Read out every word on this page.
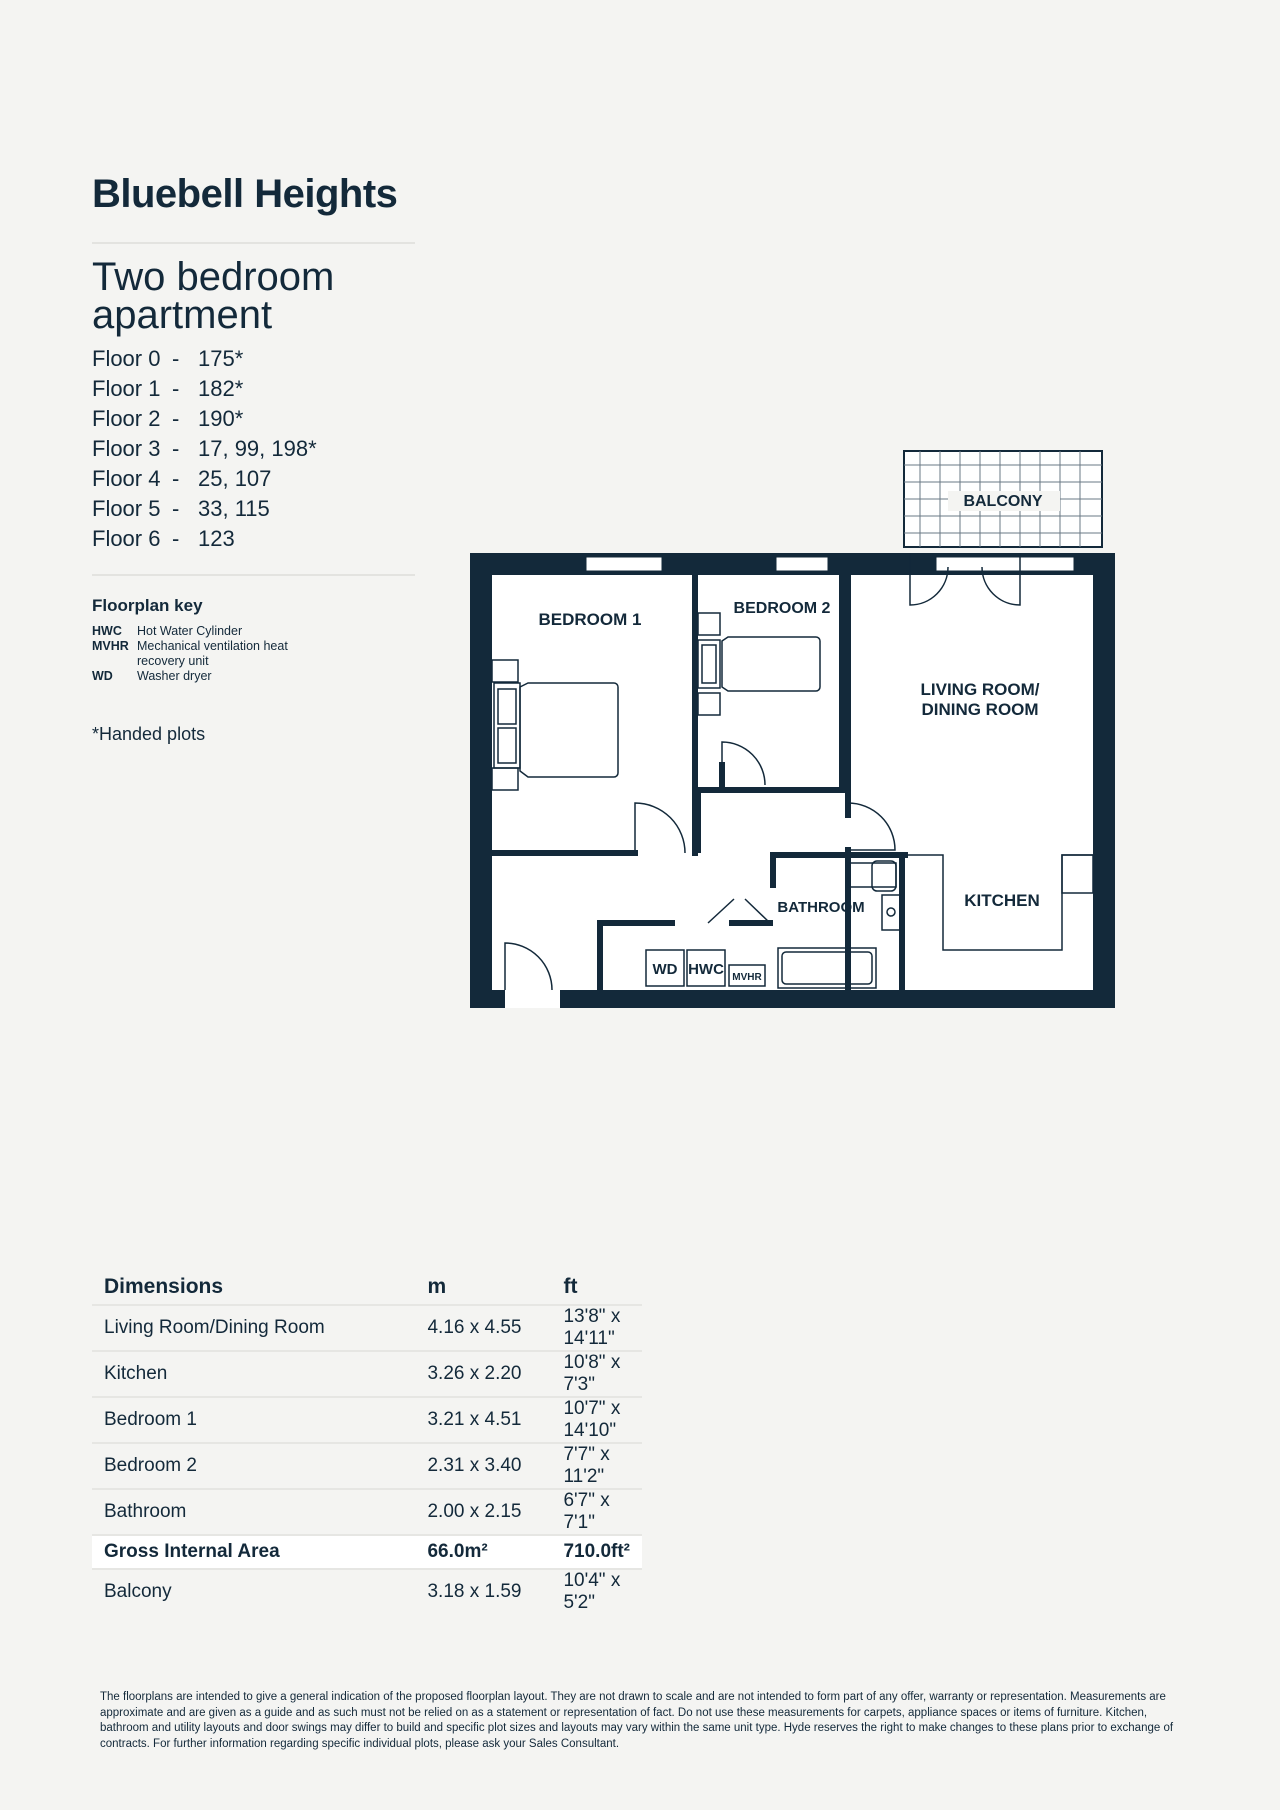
Bluebell Heights
Two bedroom apartment
Floor 0 - 175*
Floor 1 - 182*
Floor 2 - 190*
Floor 3 - 17, 99, 198*
Floor 4 - 25, 107
Floor 5 - 33, 115
Floor 6 - 123
Floorplan key
HWC	Hot Water Cylinder
MVHR Mechanical ventilation heat recovery unit
WD	Washer dryer
*Handed plots
BALCONY
BEDROOM 1
BEDROOM 2
LIVING ROOM/
DINING ROOM
KITCHEN
BATHROOM
WD HWC MVHR
Dimensions	m	ft
Living Room/Dining Room	4.16 x 4.55	13'8" x 14'11"
Kitchen	3.26 x 2.20	10'8" x 7'3"
Bedroom 1	3.21 x 4.51	10'7" x 14'10"
Bedroom 2	2.31 x 3.40	7'7" x 11'2"
Bathroom	2.00 x 2.15	6'7" x 7'1"
Gross Internal Area	66.0m²	710.0ft²
Balcony	3.18 x 1.59	10'4" x 5'2"

The floorplans are intended to give a general indication of the proposed floorplan layout. They are not drawn to scale and are not intended to form part of any offer, warranty or representation. Measurements are approximate and are given as a guide and as such must not be relied on as a statement or representation of fact. Do not use these measurements for carpets, appliance spaces or items of furniture. Kitchen, bathroom and utility layouts and door swings may differ to build and specific plot sizes and layouts may vary within the same unit type. Hyde reserves the right to make changes to these plans prior to exchange of contracts. For further information regarding specific individual plots, please ask your Sales Consultant.
